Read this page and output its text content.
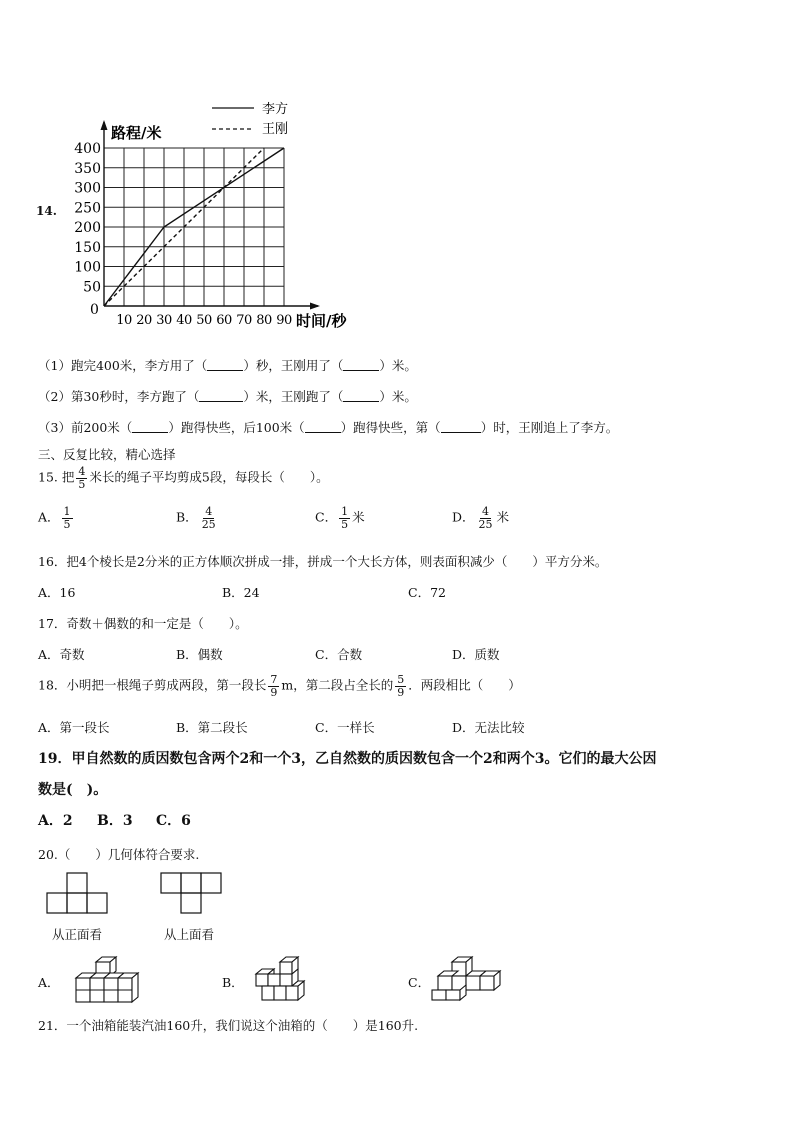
14.
50
100
150
200
250
300
350
400
0
10 20 30 40 50 60 70 80 90
李方
王刚
路程/米
时间/秒
（1）跑完400米，李方用了（	）秒，王刚用了（	）米。
（2）第30秒时，李方跑了（	）米，王刚跑了（	）米。
（3）前200米（	）跑得快些，后100米（	）跑得快些，第（	）时，王刚追上了李方。
三、反复比较，精心选择
15. 把 $\frac{4}{5}$ 米长的绳子平均剪成5段，每段长（　　）。
A． $\frac{1}{5}$	B． $\frac{4}{25}$	C． $\frac{1}{5}$ 米	D． $\frac{4}{25}$ 米
16．把4个棱长是2分米的正方体顺次拼成一排，拼成一个大长方体，则表面积减少（　　）平方分米。
A．16	B．24	C．72
17．奇数＋偶数的和一定是（　　）。
A．奇数	B．偶数	C．合数	D．质数
18．小明把一根绳子剪成两段，第一段长 $\frac{7}{9}$ m，第二段占全长的 $\frac{5}{9}$ ．两段相比（　　）
A．第一段长	B．第二段长	C．一样长	D．无法比较
19．甲自然数的质因数包含两个2和一个3，乙自然数的质因数包含一个2和两个3。它们的最大公因
数是(　)。
A．2 B．3 C．6
20.（　　）几何体符合要求.
从正面看	从上面看
A．	B．	C．
21．一个油箱能装汽油160升，我们说这个油箱的（　　）是160升.
